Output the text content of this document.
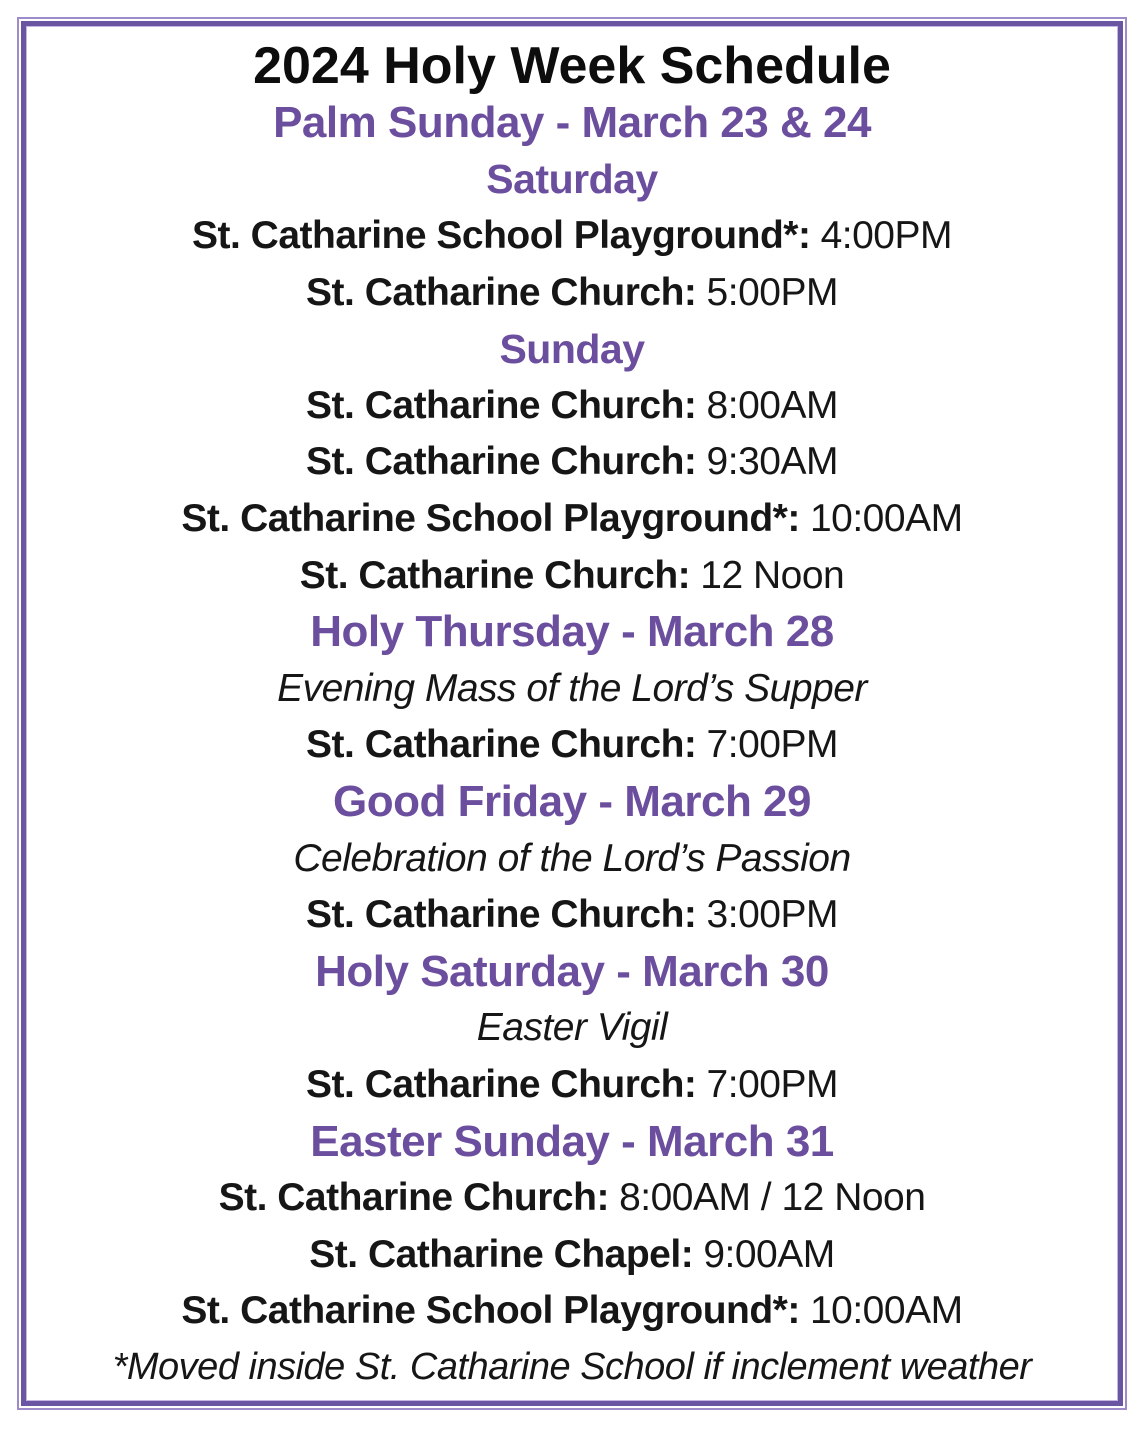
2024 Holy Week Schedule
Palm Sunday - March 23 & 24
Saturday
St. Catharine School Playground*: 4:00PM
St. Catharine Church: 5:00PM
Sunday
St. Catharine Church: 8:00AM
St. Catharine Church: 9:30AM
St. Catharine School Playground*: 10:00AM
St. Catharine Church: 12 Noon
Holy Thursday - March 28
Evening Mass of the Lord’s Supper
St. Catharine Church: 7:00PM
Good Friday - March 29
Celebration of the Lord’s Passion
St. Catharine Church: 3:00PM
Holy Saturday - March 30
Easter Vigil
St. Catharine Church: 7:00PM
Easter Sunday - March 31
St. Catharine Church: 8:00AM / 12 Noon
St. Catharine Chapel: 9:00AM
St. Catharine School Playground*: 10:00AM
*Moved inside St. Catharine School if inclement weather
